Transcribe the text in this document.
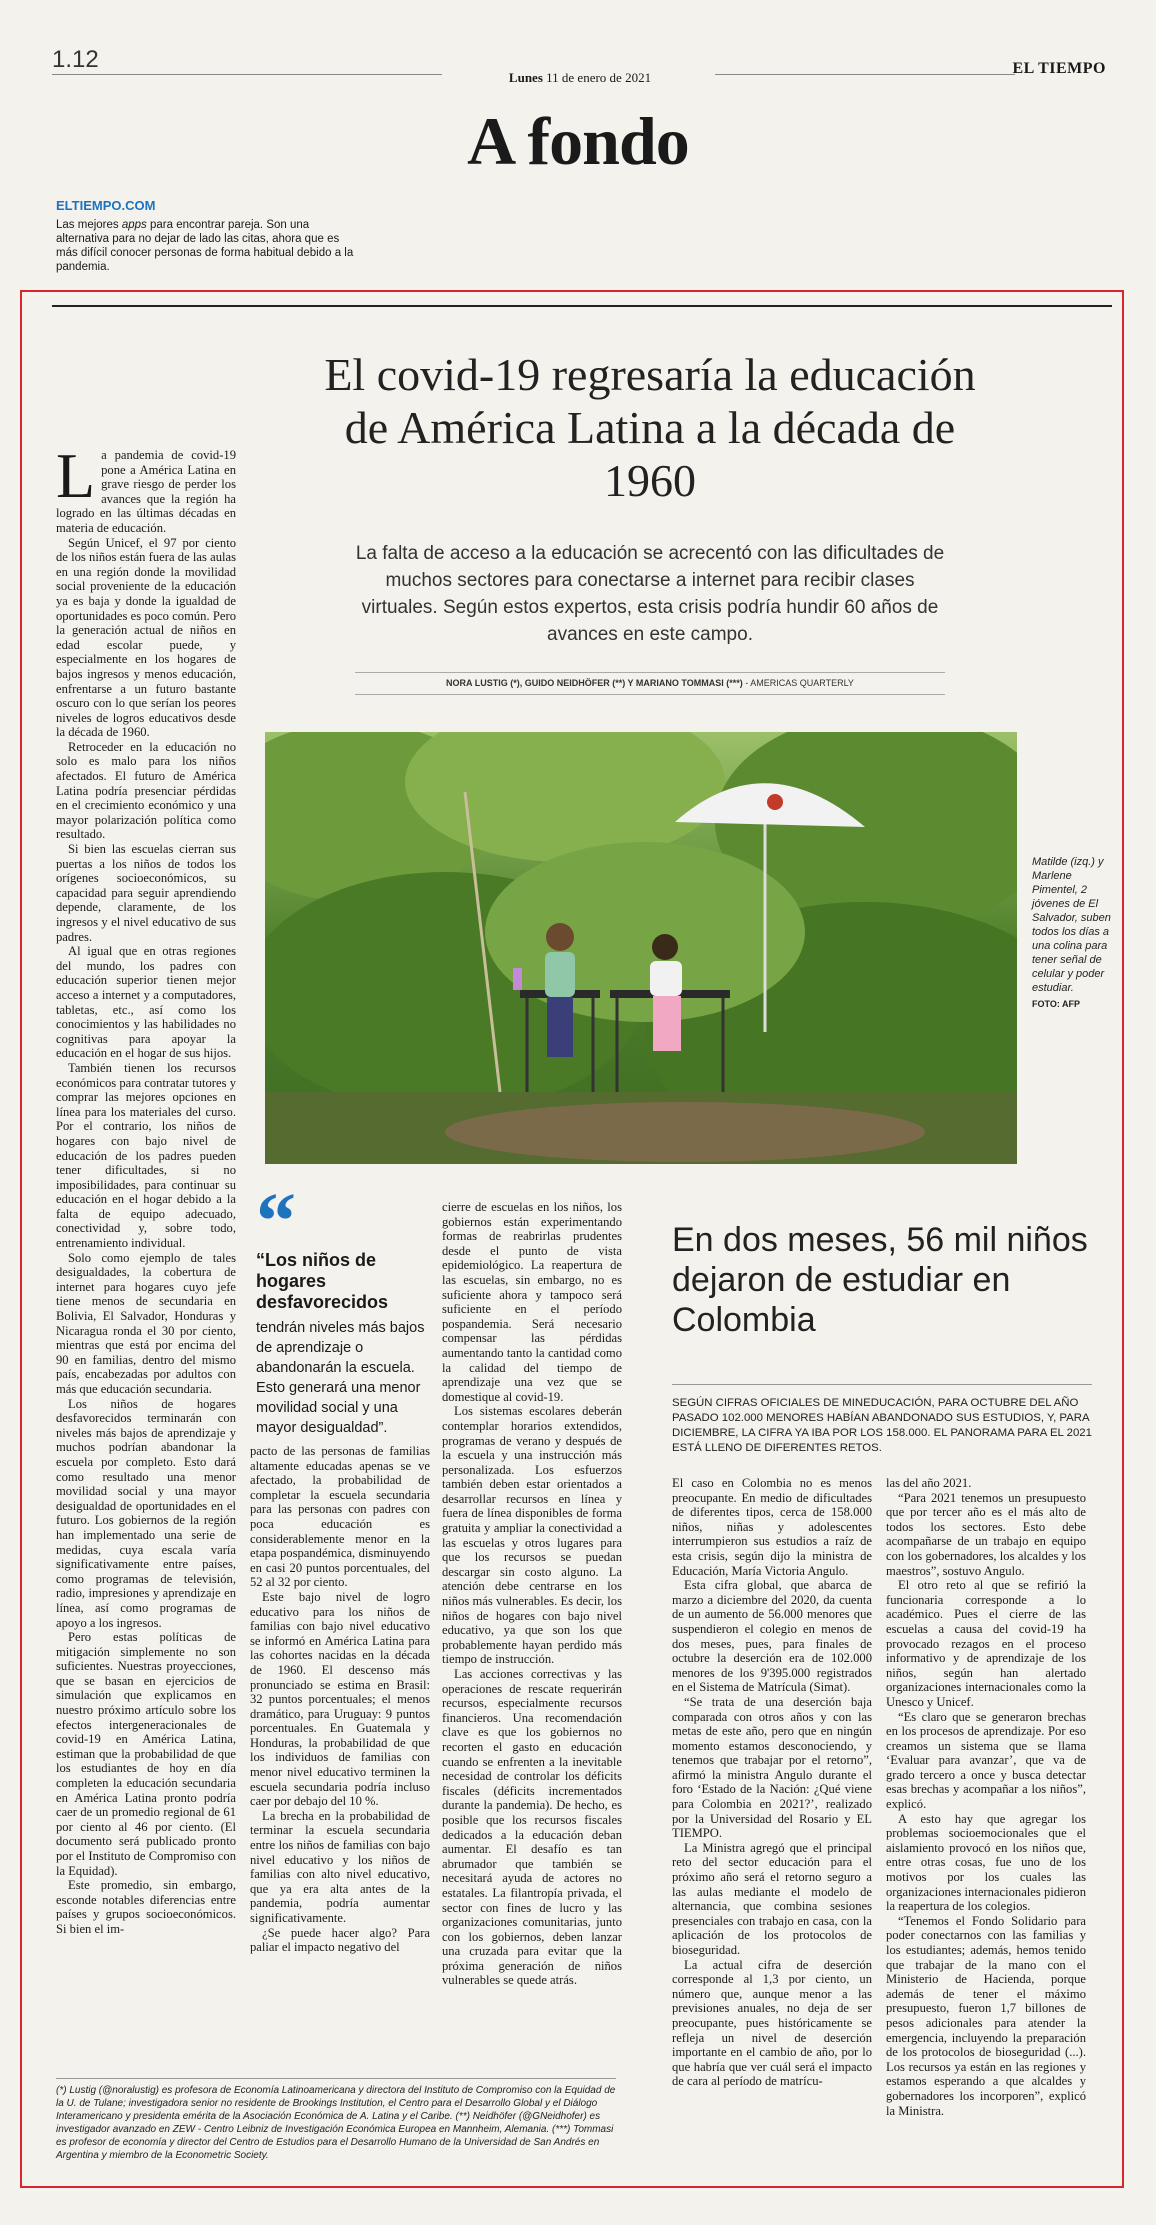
1.12
Lunes 11 de enero de 2021
EL TIEMPO
A fondo
ELTIEMPO.COM
Las mejores apps para encontrar pareja. Son una alternativa para no dejar de lado las citas, ahora que es más difícil conocer personas de forma habitual debido a la pandemia.
El covid-19 regresaría la educación de América Latina a la década de 1960
La falta de acceso a la educación se acrecentó con las dificultades de muchos sectores para conectarse a internet para recibir clases virtuales. Según estos expertos, esta crisis podría hundir 60 años de avances en este campo.
NORA LUSTIG (*), GUIDO NEIDHÖFER (**) Y MARIANO TOMMASI (***) - AMERICAS QUARTERLY
Matilde (izq.) y Marlene Pimentel, 2 jóvenes de El Salvador, suben todos los días a una colina para tener señal de celular y poder estudiar.
FOTO: AFP

La pandemia de covid-19 pone a América Latina en grave riesgo de perder los avances que la región ha logrado en las últimas décadas en materia de educación.

Según Unicef, el 97 por ciento de los niños están fuera de las aulas en una región donde la movilidad social proveniente de la educación ya es baja y donde la igualdad de oportunidades es poco común. Pero la generación actual de niños en edad escolar puede, y especialmente en los hogares de bajos ingresos y menos educación, enfrentarse a un futuro bastante oscuro con lo que serían los peores niveles de logros educativos desde la década de 1960.

Retroceder en la educación no solo es malo para los niños afectados. El futuro de América Latina podría presenciar pérdidas en el crecimiento económico y una mayor polarización política como resultado.

Si bien las escuelas cierran sus puertas a los niños de todos los orígenes socioeconómicos, su capacidad para seguir aprendiendo depende, claramente, de los ingresos y el nivel educativo de sus padres.

Al igual que en otras regiones del mundo, los padres con educación superior tienen mejor acceso a internet y a computadores, tabletas, etc., así como los conocimientos y las habilidades no cognitivas para apoyar la educación en el hogar de sus hijos.

También tienen los recursos económicos para contratar tutores y comprar las mejores opciones en línea para los materiales del curso. Por el contrario, los niños de hogares con bajo nivel de educación de los padres pueden tener dificultades, si no imposibilidades, para continuar su educación en el hogar debido a la falta de equipo adecuado, conectividad y, sobre todo, entrenamiento individual.

Solo como ejemplo de tales desigualdades, la cobertura de internet para hogares cuyo jefe tiene menos de secundaria en Bolivia, El Salvador, Honduras y Nicaragua ronda el 30 por ciento, mientras que está por encima del 90 en familias, dentro del mismo país, encabezadas por adultos con más que educación secundaria.

Los niños de hogares desfavorecidos terminarán con niveles más bajos de aprendizaje y muchos podrían abandonar la escuela por completo. Esto dará como resultado una menor movilidad social y una mayor desigualdad de oportunidades en el futuro. Los gobiernos de la región han implementado una serie de medidas, cuya escala varía significativamente entre países, como programas de televisión, radio, impresiones y aprendizaje en línea, así como programas de apoyo a los ingresos.

Pero estas políticas de mitigación simplemente no son suficientes. Nuestras proyecciones, que se basan en ejercicios de simulación que explicamos en nuestro próximo artículo sobre los efectos intergeneracionales de covid-19 en América Latina, estiman que la probabilidad de que los estudiantes de hoy en día completen la educación secundaria en América Latina pronto podría caer de un promedio regional de 61 por ciento al 46 por ciento. (El documento será publicado pronto por el Instituto de Compromiso con la Equidad).

Este promedio, sin embargo, esconde notables diferencias entre países y grupos socioeconómicos. Si bien el im-

“
“Los niños de hogares desfavorecidos
tendrán niveles más bajos de aprendizaje o abandonarán la escuela. Esto generará una menor movilidad social y una mayor desigualdad”.

pacto de las personas de familias altamente educadas apenas se ve afectado, la probabilidad de completar la escuela secundaria para las personas con padres con poca educación es considerablemente menor en la etapa pospandémica, disminuyendo en casi 20 puntos porcentuales, del 52 al 32 por ciento.

Este bajo nivel de logro educativo para los niños de familias con bajo nivel educativo se informó en América Latina para las cohortes nacidas en la década de 1960. El descenso más pronunciado se estima en Brasil: 32 puntos porcentuales; el menos dramático, para Uruguay: 9 puntos porcentuales. En Guatemala y Honduras, la probabilidad de que los individuos de familias con menor nivel educativo terminen la escuela secundaria podría incluso caer por debajo del 10 %.

La brecha en la probabilidad de terminar la escuela secundaria entre los niños de familias con bajo nivel educativo y los niños de familias con alto nivel educativo, que ya era alta antes de la pandemia, podría aumentar significativamente.

¿Se puede hacer algo? Para paliar el impacto negativo del

cierre de escuelas en los niños, los gobiernos están experimentando formas de reabrirlas prudentes desde el punto de vista epidemiológico. La reapertura de las escuelas, sin embargo, no es suficiente ahora y tampoco será suficiente en el período pospandemia. Será necesario compensar las pérdidas aumentando tanto la cantidad como la calidad del tiempo de aprendizaje una vez que se domestique al covid-19.

Los sistemas escolares deberán contemplar horarios extendidos, programas de verano y después de la escuela y una instrucción más personalizada. Los esfuerzos también deben estar orientados a desarrollar recursos en línea y fuera de línea disponibles de forma gratuita y ampliar la conectividad a las escuelas y otros lugares para que los recursos se puedan descargar sin costo alguno. La atención debe centrarse en los niños más vulnerables. Es decir, los niños de hogares con bajo nivel educativo, ya que son los que probablemente hayan perdido más tiempo de instrucción.

Las acciones correctivas y las operaciones de rescate requerirán recursos, especialmente recursos financieros. Una recomendación clave es que los gobiernos no recorten el gasto en educación cuando se enfrenten a la inevitable necesidad de controlar los déficits fiscales (déficits incrementados durante la pandemia). De hecho, es posible que los recursos fiscales dedicados a la educación deban aumentar. El desafío es tan abrumador que también se necesitará ayuda de actores no estatales. La filantropía privada, el sector con fines de lucro y las organizaciones comunitarias, junto con los gobiernos, deben lanzar una cruzada para evitar que la próxima generación de niños vulnerables se quede atrás.

En dos meses, 56 mil niños dejaron de estudiar en Colombia
SEGÚN CIFRAS OFICIALES DE MINEDUCACIÓN, PARA OCTUBRE DEL AÑO PASADO 102.000 MENORES HABÍAN ABANDONADO SUS ESTUDIOS, Y, PARA DICIEMBRE, LA CIFRA YA IBA POR LOS 158.000. EL PANORAMA PARA EL 2021 ESTÁ LLENO DE DIFERENTES RETOS.

El caso en Colombia no es menos preocupante. En medio de dificultades de diferentes tipos, cerca de 158.000 niños, niñas y adolescentes interrumpieron sus estudios a raíz de esta crisis, según dijo la ministra de Educación, María Victoria Angulo.

Esta cifra global, que abarca de marzo a diciembre del 2020, da cuenta de un aumento de 56.000 menores que suspendieron el colegio en menos de dos meses, pues, para finales de octubre la deserción era de 102.000 menores de los 9'395.000 registrados en el Sistema de Matrícula (Simat).

“Se trata de una deserción baja comparada con otros años y con las metas de este año, pero que en ningún momento estamos desconociendo, y tenemos que trabajar por el retorno”, afirmó la ministra Angulo durante el foro ‘Estado de la Nación: ¿Qué viene para Colombia en 2021?’, realizado por la Universidad del Rosario y EL TIEMPO.

La Ministra agregó que el principal reto del sector educación para el próximo año será el retorno seguro a las aulas mediante el modelo de alternancia, que combina sesiones presenciales con trabajo en casa, con la aplicación de los protocolos de bioseguridad.

La actual cifra de deserción corresponde al 1,3 por ciento, un número que, aunque menor a las previsiones anuales, no deja de ser preocupante, pues históricamente se refleja un nivel de deserción importante en el cambio de año, por lo que habría que ver cuál será el impacto de cara al período de matrícu-

las del año 2021.

“Para 2021 tenemos un presupuesto que por tercer año es el más alto de todos los sectores. Esto debe acompañarse de un trabajo en equipo con los gobernadores, los alcaldes y los maestros”, sostuvo Angulo.

El otro reto al que se refirió la funcionaria corresponde a lo académico. Pues el cierre de las escuelas a causa del covid-19 ha provocado rezagos en el proceso informativo y de aprendizaje de los niños, según han alertado organizaciones internacionales como la Unesco y Unicef.

“Es claro que se generaron brechas en los procesos de aprendizaje. Por eso creamos un sistema que se llama ‘Evaluar para avanzar’, que va de grado tercero a once y busca detectar esas brechas y acompañar a los niños”, explicó.

A esto hay que agregar los problemas socioemocionales que el aislamiento provocó en los niños que, entre otras cosas, fue uno de los motivos por los cuales las organizaciones internacionales pidieron la reapertura de los colegios.

“Tenemos el Fondo Solidario para poder conectarnos con las familias y los estudiantes; además, hemos tenido que trabajar de la mano con el Ministerio de Hacienda, porque además de tener el máximo presupuesto, fueron 1,7 billones de pesos adicionales para atender la emergencia, incluyendo la preparación de los protocolos de bioseguridad (...). Los recursos ya están en las regiones y estamos esperando a que alcaldes y gobernadores los incorporen”, explicó la Ministra.

(*) Lustig (@noralustig) es profesora de Economía Latinoamericana y directora del Instituto de Compromiso con la Equidad de la U. de Tulane; investigadora senior no residente de Brookings Institution, el Centro para el Desarrollo Global y el Diálogo Interamericano y presidenta emérita de la Asociación Económica de A. Latina y el Caribe. (**) Neidhöfer (@GNeidhofer) es investigador avanzado en ZEW - Centro Leibniz de Investigación Económica Europea en Mannheim, Alemania. (***) Tommasi es profesor de economía y director del Centro de Estudios para el Desarrollo Humano de la Universidad de San Andrés en Argentina y miembro de la Econometric Society.
